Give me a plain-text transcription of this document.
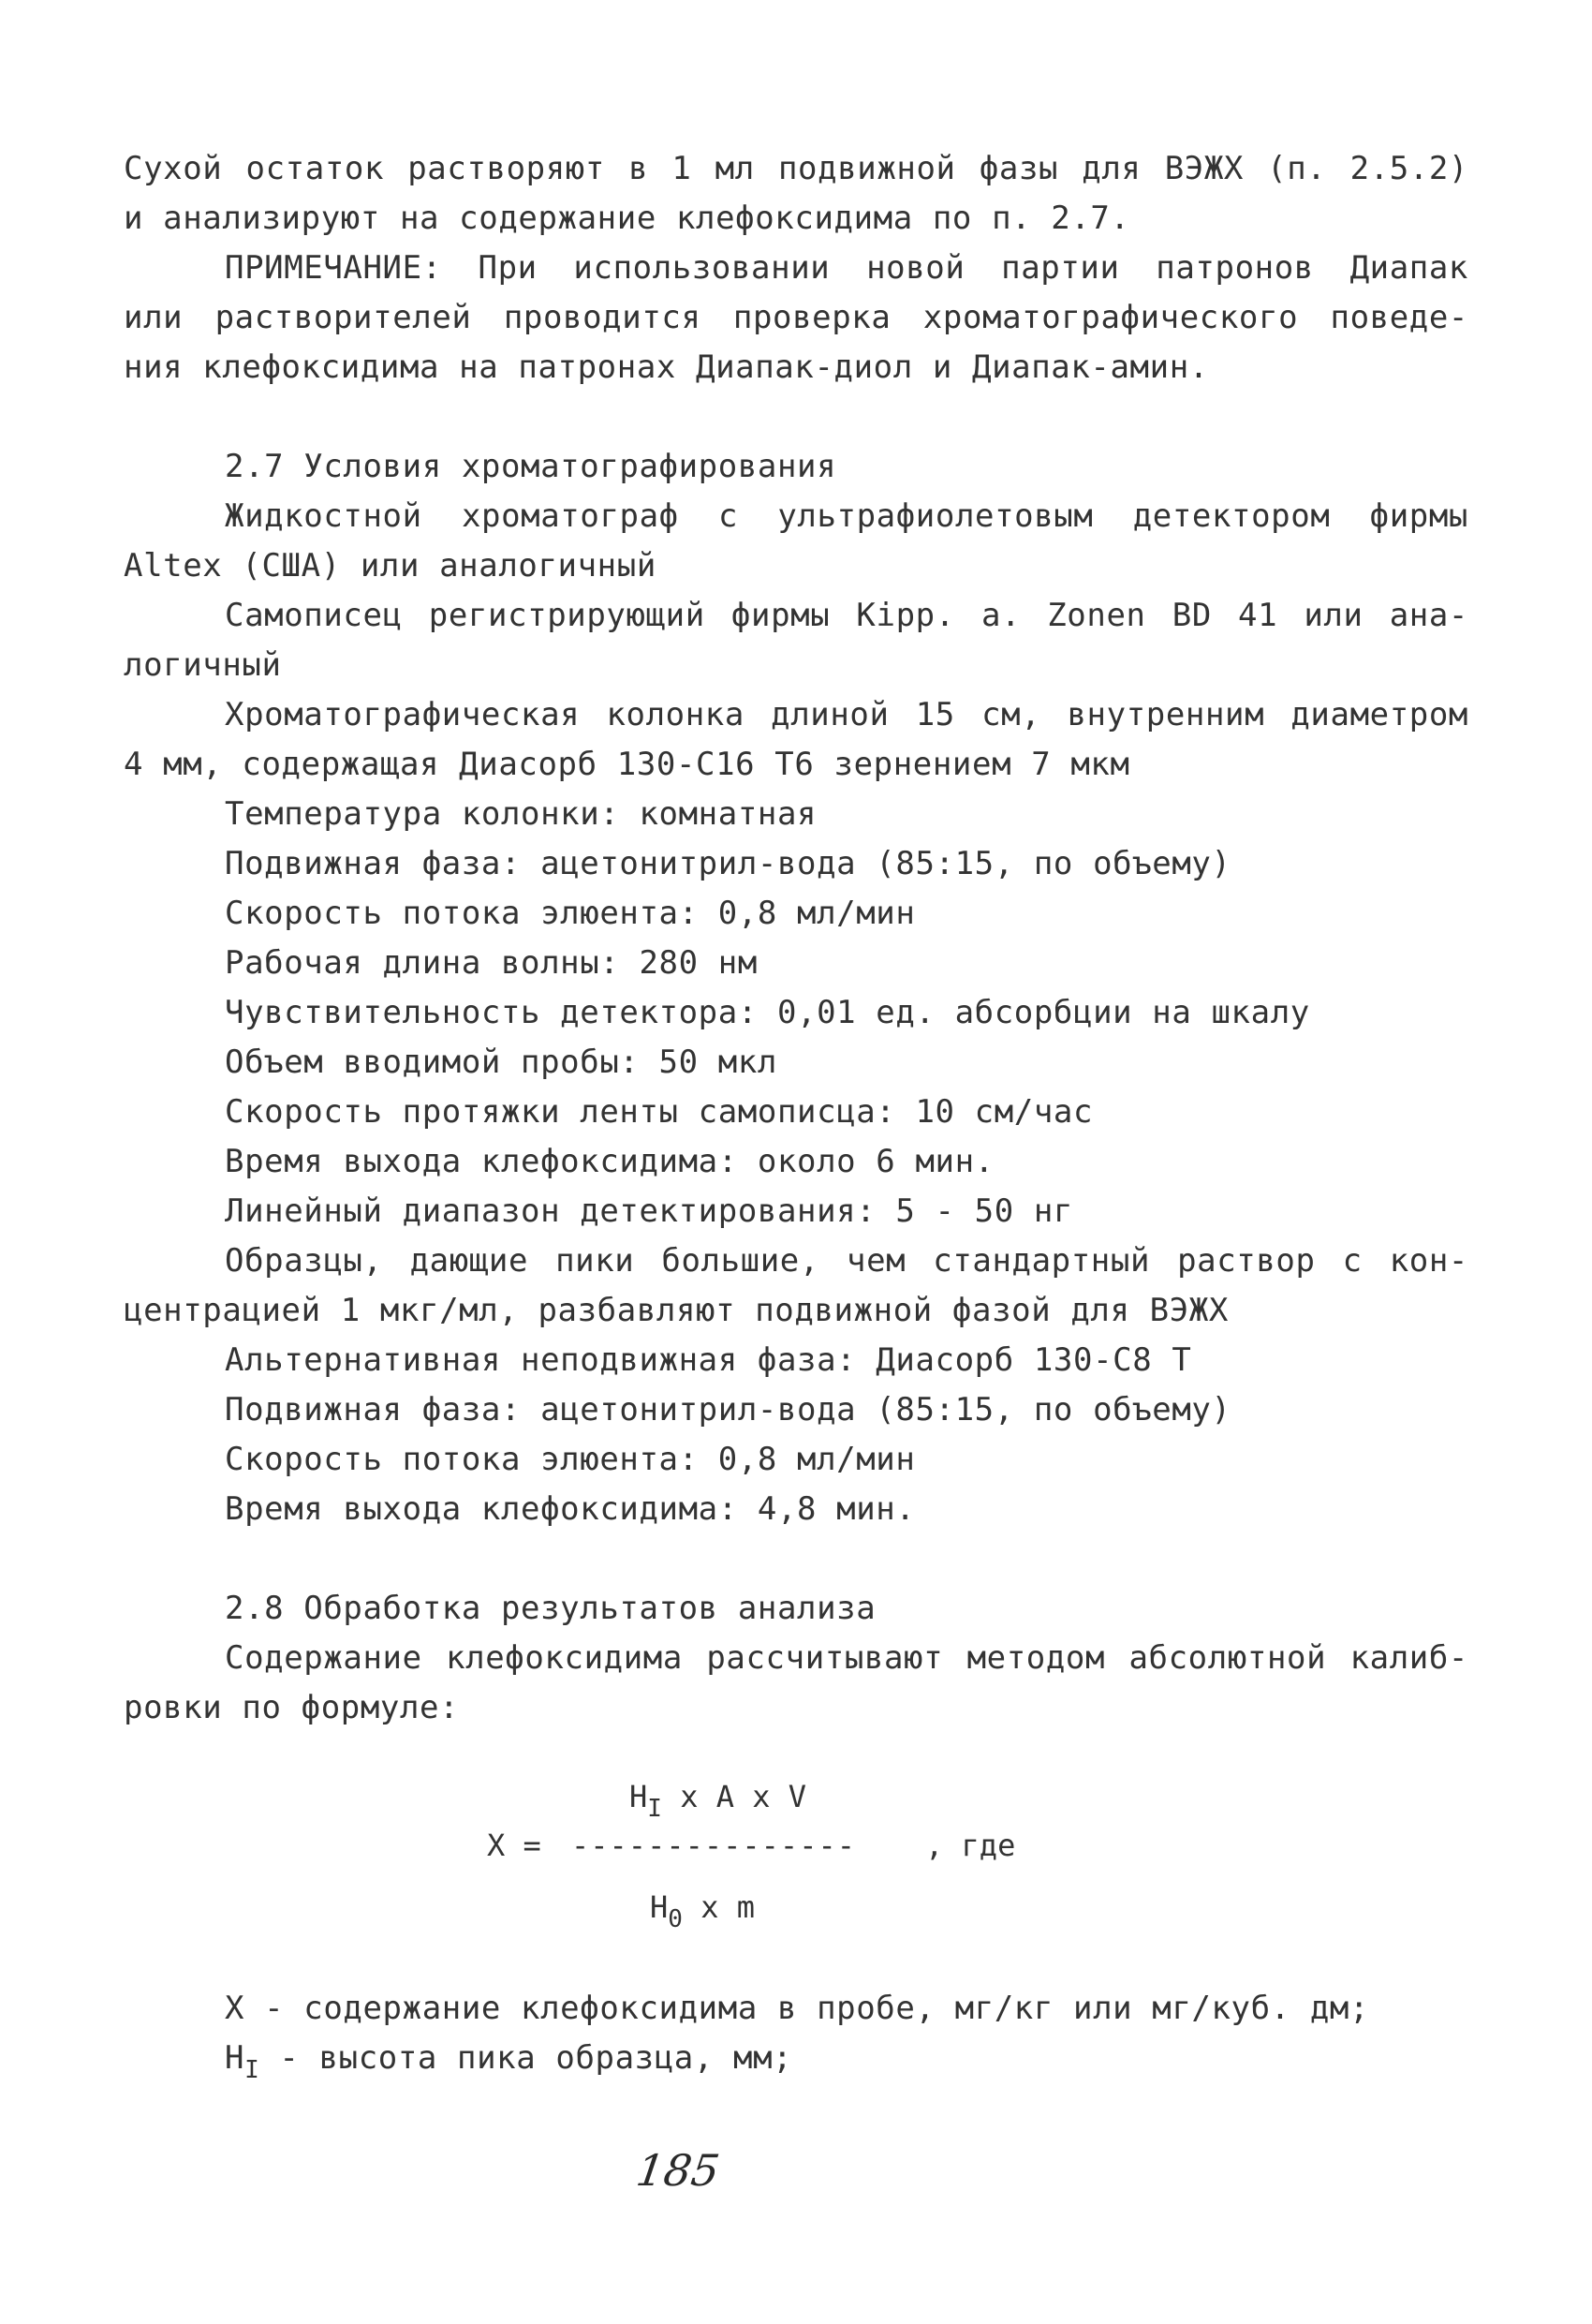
Сухой остаток растворяют в 1 мл подвижной фазы для ВЭЖХ (п. 2.5.2)
и анализируют на содержание клефоксидима по п. 2.7.
ПРИМЕЧАНИЕ: При использовании новой партии патронов Диапак
или растворителей проводится проверка хроматографического поведе-
ния клефоксидима на патронах Диапак-диол и Диапак-амин.
2.7 Условия хроматографирования
Жидкостной хроматограф с ультрафиолетовым детектором фирмы
Altex (США) или аналогичный
Самописец регистрирующий фирмы Kipp. a. Zonen BD 41 или ана-
логичный
Хроматографическая колонка длиной 15 см, внутренним диаметром
4 мм, содержащая Диасорб 130-С16 Т6 зернением 7 мкм
Температура колонки: комнатная
Подвижная фаза: ацетонитрил-вода (85:15, по объему)
Скорость потока элюента: 0,8 мл/мин
Рабочая длина волны: 280 нм
Чувствительность детектора: 0,01 ед. абсорбции на шкалу
Объем вводимой пробы: 50 мкл
Скорость протяжки ленты самописца: 10 см/час
Время выхода клефоксидима: около 6 мин.
Линейный диапазон детектирования: 5 - 50 нг
Образцы, дающие пики большие, чем стандартный раствор с кон-
центрацией 1 мкг/мл, разбавляют подвижной фазой для ВЭЖХ
Альтернативная неподвижная фаза: Диасорб 130-С8 Т
Подвижная фаза: ацетонитрил-вода (85:15, по объему)
Скорость потока элюента: 0,8 мл/мин
Время выхода клефоксидима: 4,8 мин.
2.8 Обработка результатов анализа
Содержание клефоксидима рассчитывают методом абсолютной калиб-
ровки по формуле:
$H_I$ x A x V
X = --------------- , где
$H_0$ x m
X - содержание клефоксидима в пробе, мг/кг или мг/куб. дм;
$H_I$ - высота пика образца, мм;
185
